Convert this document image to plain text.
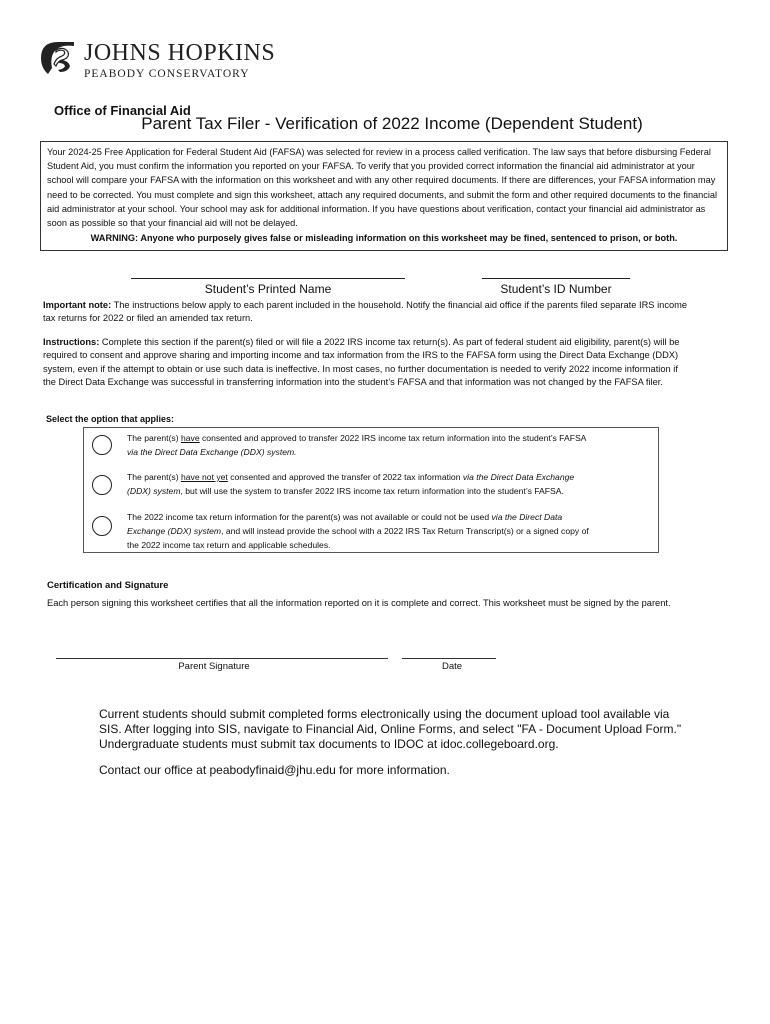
JOHNS HOPKINS
PEABODY CONSERVATORY
Office of Financial Aid
Parent Tax Filer - Verification of 2022 Income (Dependent Student)
Your 2024-25 Free Application for Federal Student Aid (FAFSA) was selected for review in a process called verification. The law says that before disbursing Federal Student Aid, you must confirm the information you reported on your FAFSA. To verify that you provided correct information the financial aid administrator at your school will compare your FAFSA with the information on this worksheet and with any other required documents. If there are differences, your FAFSA information may need to be corrected. You must complete and sign this worksheet, attach any required documents, and submit the form and other required documents to the financial aid administrator at your school. Your school may ask for additional information. If you have questions about verification, contact your financial aid administrator as soon as possible so that your financial aid will not be delayed.
WARNING: Anyone who purposely gives false or misleading information on this worksheet may be fined, sentenced to prison, or both.
Student’s Printed Name	Student’s ID Number
Important note: The instructions below apply to each parent included in the household. Notify the financial aid office if the parents filed separate IRS income tax returns for 2022 or filed an amended tax return.
Instructions: Complete this section if the parent(s) filed or will file a 2022 IRS income tax return(s). As part of federal student aid eligibility, parent(s) will be required to consent and approve sharing and importing income and tax information from the IRS to the FAFSA form using the Direct Data Exchange (DDX) system, even if the attempt to obtain or use such data is ineffective. In most cases, no further documentation is needed to verify 2022 income information if the Direct Data Exchange was successful in transferring information into the student’s FAFSA and that information was not changed by the FAFSA filer.
Select the option that applies:
The parent(s) have consented and approved to transfer 2022 IRS income tax return information into the student’s FAFSA via the Direct Data Exchange (DDX) system.
The parent(s) have not yet consented and approved the transfer of 2022 tax information via the Direct Data Exchange (DDX) system, but will use the system to transfer 2022 IRS income tax return information into the student’s FAFSA.
The 2022 income tax return information for the parent(s) was not available or could not be used via the Direct Data Exchange (DDX) system, and will instead provide the school with a 2022 IRS Tax Return Transcript(s) or a signed copy of the 2022 income tax return and applicable schedules.
Certification and Signature
Each person signing this worksheet certifies that all the information reported on it is complete and correct. This worksheet must be signed by the parent.
Parent Signature	Date
Current students should submit completed forms electronically using the document upload tool available via SIS. After logging into SIS, navigate to Financial Aid, Online Forms, and select "FA - Document Upload Form." Undergraduate students must submit tax documents to IDOC at idoc.collegeboard.org.
Contact our office at peabodyfinaid@jhu.edu for more information.
